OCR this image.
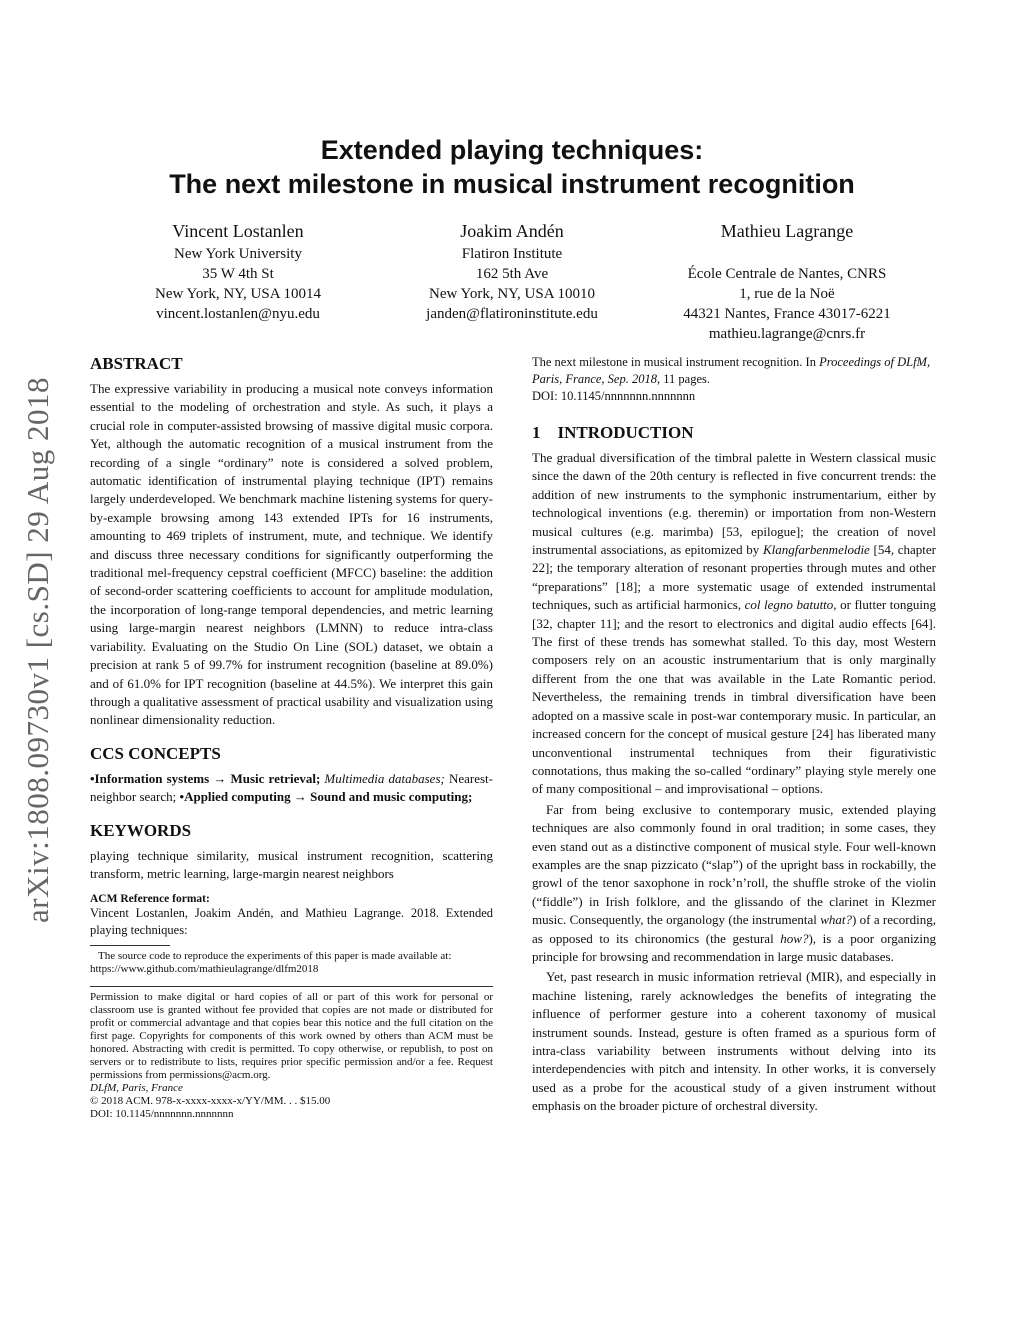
arXiv:1808.09730v1 [cs.SD] 29 Aug 2018
Extended playing techniques:
The next milestone in musical instrument recognition
Vincent Lostanlen
New York University
35 W 4th St
New York, NY, USA 10014
vincent.lostanlen@nyu.edu
Joakim Andén
Flatiron Institute
162 5th Ave
New York, NY, USA 10010
janden@flatironinstitute.edu
Mathieu Lagrange
École Centrale de Nantes, CNRS
1, rue de la Noë
44321 Nantes, France 43017-6221
mathieu.lagrange@cnrs.fr
ABSTRACT

The expressive variability in producing a musical note conveys information essential to the modeling of orchestration and style. As such, it plays a crucial role in computer-assisted browsing of massive digital music corpora. Yet, although the automatic recognition of a musical instrument from the recording of a single “ordinary” note is considered a solved problem, automatic identification of instrumental playing technique (IPT) remains largely underdeveloped. We benchmark machine listening systems for query-by-example browsing among 143 extended IPTs for 16 instruments, amounting to 469 triplets of instrument, mute, and technique. We identify and discuss three necessary conditions for significantly outperforming the traditional mel-frequency cepstral coefficient (MFCC) baseline: the addition of second-order scattering coefficients to account for amplitude modulation, the incorporation of long-range temporal dependencies, and metric learning using large-margin nearest neighbors (LMNN) to reduce intra-class variability. Evaluating on the Studio On Line (SOL) dataset, we obtain a precision at rank 5 of 99.7% for instrument recognition (baseline at 89.0%) and of 61.0% for IPT recognition (baseline at 44.5%). We interpret this gain through a qualitative assessment of practical usability and visualization using nonlinear dimensionality reduction.

CCS CONCEPTS

•Information systems → Music retrieval; Multimedia databases; Nearest-neighbor search; •Applied computing → Sound and music computing;

KEYWORDS

playing technique similarity, musical instrument recognition, scattering transform, metric learning, large-margin nearest neighbors

ACM Reference format:

Vincent Lostanlen, Joakim Andén, and Mathieu Lagrange. 2018. Extended playing techniques:

The source code to reproduce the experiments of this paper is made available at: https://www.github.com/mathieulagrange/dlfm2018

Permission to make digital or hard copies of all or part of this work for personal or classroom use is granted without fee provided that copies are not made or distributed for profit or commercial advantage and that copies bear this notice and the full citation on the first page. Copyrights for components of this work owned by others than ACM must be honored. Abstracting with credit is permitted. To copy otherwise, or republish, to post on servers or to redistribute to lists, requires prior specific permission and/or a fee. Request permissions from permissions@acm.org.

DLfM, Paris, France

© 2018 ACM. 978-x-xxxx-xxxx-x/YY/MM. . . $15.00

DOI: 10.1145/nnnnnnn.nnnnnnn

The next milestone in musical instrument recognition. In Proceedings of DLfM, Paris, France, Sep. 2018, 11 pages.

DOI: 10.1145/nnnnnnn.nnnnnnn

1    INTRODUCTION

The gradual diversification of the timbral palette in Western classical music since the dawn of the 20th century is reflected in five concurrent trends: the addition of new instruments to the symphonic instrumentarium, either by technological inventions (e.g. theremin) or importation from non-Western musical cultures (e.g. marimba) [53, epilogue]; the creation of novel instrumental associations, as epitomized by Klangfarbenmelodie [54, chapter 22]; the temporary alteration of resonant properties through mutes and other “preparations” [18]; a more systematic usage of extended instrumental techniques, such as artificial harmonics, col legno batutto, or flutter tonguing [32, chapter 11]; and the resort to electronics and digital audio effects [64]. The first of these trends has somewhat stalled. To this day, most Western composers rely on an acoustic instrumentarium that is only marginally different from the one that was available in the Late Romantic period. Nevertheless, the remaining trends in timbral diversification have been adopted on a massive scale in post-war contemporary music. In particular, an increased concern for the concept of musical gesture [24] has liberated many unconventional instrumental techniques from their figurativistic connotations, thus making the so-called “ordinary” playing style merely one of many compositional – and improvisational – options.

Far from being exclusive to contemporary music, extended playing techniques are also commonly found in oral tradition; in some cases, they even stand out as a distinctive component of musical style. Four well-known examples are the snap pizzicato (“slap”) of the upright bass in rockabilly, the growl of the tenor saxophone in rock’n’roll, the shuffle stroke of the violin (“fiddle”) in Irish folklore, and the glissando of the clarinet in Klezmer music. Consequently, the organology (the instrumental what?) of a recording, as opposed to its chironomics (the gestural how?), is a poor organizing principle for browsing and recommendation in large music databases.

Yet, past research in music information retrieval (MIR), and especially in machine listening, rarely acknowledges the benefits of integrating the influence of performer gesture into a coherent taxonomy of musical instrument sounds. Instead, gesture is often framed as a spurious form of intra-class variability between instruments without delving into its interdependencies with pitch and intensity. In other works, it is conversely used as a probe for the acoustical study of a given instrument without emphasis on the broader picture of orchestral diversity.
